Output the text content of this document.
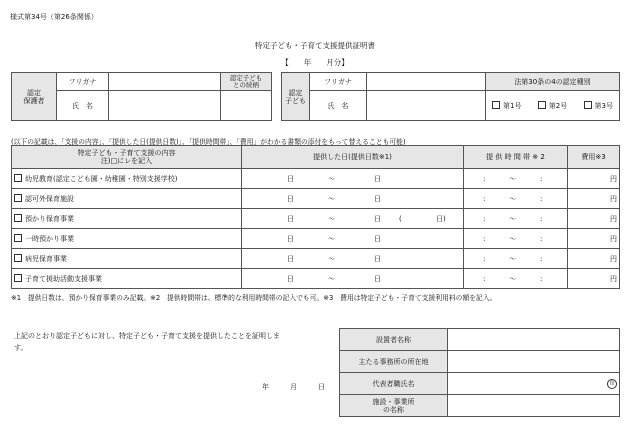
様式第34号（第26条関係）
特定子ども・子育て支援提供証明書
【　　年　　月分】
認定
保護者	フリガナ		認定子ども
との続柄
	氏　名		
認定
子ども	フリガナ		法第30条の4の認定種別
	氏　名		第1号 第2号 第3号
(以下の記載は、「支援の内容」、「提供した日(提供日数)」、「提供時間帯」、「費用」がわかる書類の添付をもって替えることも可能)
特定子ども・子育て支援の内容
注)□にレを記入	提供した日(提供日数※1)	提 供 時 間 帯 ※ 2	費用※3
幼児教育(認定こども園・幼稚園・特別支援学校)	日 ～ 日	: ～ :	円
認可外保育施設	日 ～ 日	: ～ :	円
預かり保育事業	日 ～ 日 ( 日)	: ～ :	円
一時預かり事業	日 ～ 日	: ～ :	円
病児保育事業	日 ～ 日	: ～ :	円
子育て援助活動支援事業	日 ～ 日	: ～ :	円
※1　提供日数は、預かり保育事業のみ記載。※2　提供時間帯は、標準的な利用時間帯の記入でも可。※3　費用は特定子ども・子育て支援利用料の額を記入。
上記のとおり認定子どもに対し、特定子ども・子育て支援を提供したことを証明しま
す。
年　　　月　　　日
設置者名称	
主たる事務所の所在地	
代表者職氏名	印
施設・事業所
の名称	
